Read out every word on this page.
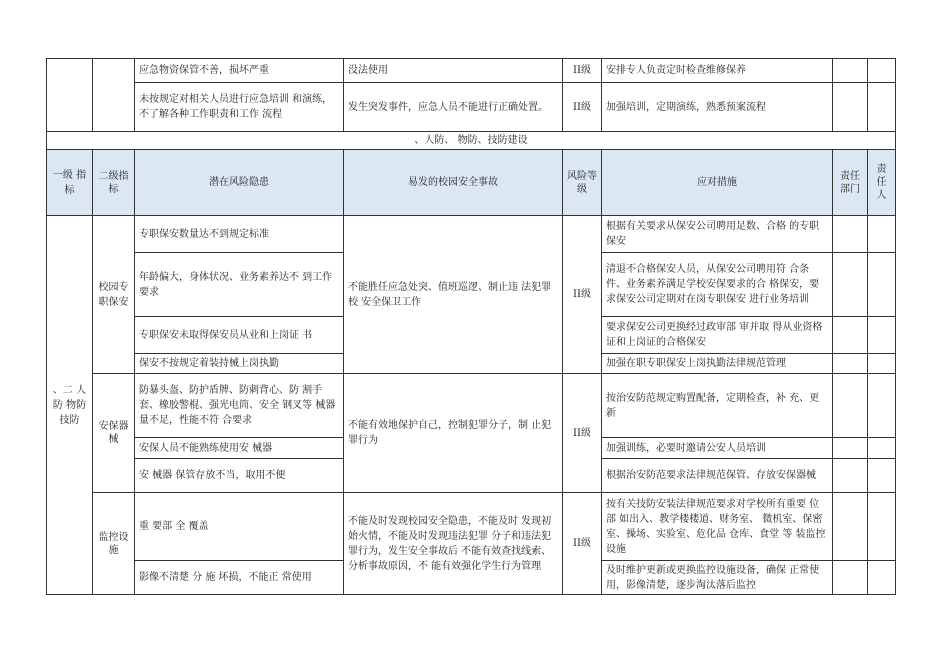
		应急物资保管不善，损坏严重	没法使用	II级	安排专人负责定时检查维修保养		
		未按规定对相关人员进行应急培训 和演练，不了解各种工作职责和工作 流程	发生突发事件，应急人员不能进行正确处置。	II级	加强培训，定期演练，熟悉预案流程		
、人防、 物防、技防建设							
一级 指 标	二级指标	潜在风险隐患	易发的校园安全事故	风险等级	应对措施	责任部门	责任人
、二 人防 物防 技防	校园专职保安	专职保安数量达不到规定标准	不能胜任应急处突、值班巡逻、制止违 法犯罪 校 安全保卫工作	II级	根据有关要求从保安公司聘用足数、合格 的专职保安		
		年龄偏大，身体状况、业务素养达不 到工作要求			清退不合格保安人员，从保安公司聘用符 合条件、业务素养满足学校安保要求的合 格保安，要求保安公司定期对在岗专职保安 进行业务培训		
		专职保安未取得保安员从业和上岗证 书			要求保安公司更换经过政审部 审并取 得从业资格证和上岗证的合格保安		
		保安不按规定着装持械上岗执勤			加强在职专职保安上岗执勤法律规范管理		
	安保器械	防暴头盔、防护盾牌、防刺背心、防 割手套、橡胶警棍、强光电筒、安全 钢叉等 械器 量不足，性能不符 合要求	不能有效地保护自己，控制犯罪分子，制 止犯罪行为	II级	按治安防范规定购置配备，定期检查，补 充、更新		
		安保人员不能熟练使用安 械器			加强训练，必要时邀请公安人员培训		
		安 械器 保管存放不当，取用不便			根据治安防范要求法律规范保管、存放安保器械		
	监控设施	重 要部 全 覆盖	不能及时发现校园安全隐患，不能及时 发现初始火情，不能及时发现违法犯罪 分子和违法犯罪行为，发生安全事故后 不能有效查找线索、分析事故原因，不 能有效强化学生行为管理	II级	按有关技防安装法律规范要求对学校所有重要 位部 如出入、教学楼楼道、财务室、 微机室、保密室、操场、实验室、危化品 仓库、食堂 等 装监控设施		
		影像不清楚 分 施 坏损，不能正 常使用			及时维护更新或更换监控设施设备，确保 正常使用，影像清楚，逐步淘汰落后监控		
